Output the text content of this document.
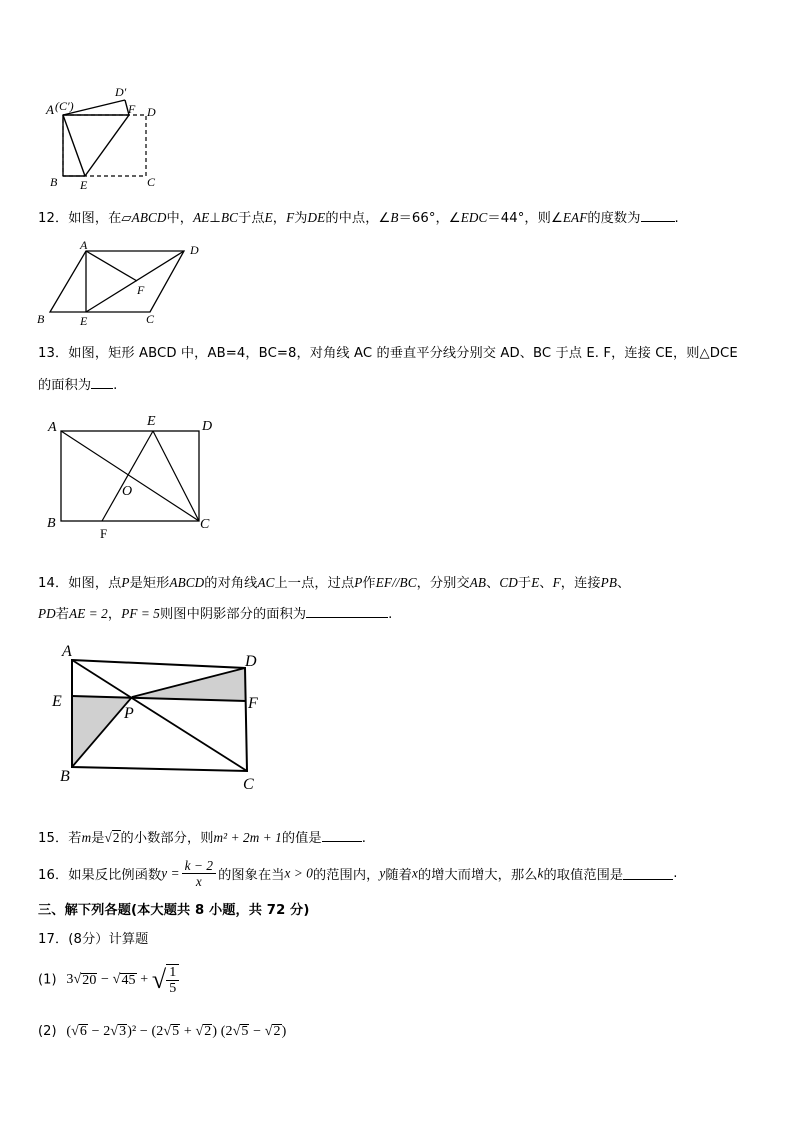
A (C′)
D′
F D
B E	C
12．如图，在▱ABCD中，AE⊥BC于点E，F为DE的中点，∠B＝66°，∠EDC＝44°，则∠EAF的度数为	.
A	D
F
B	E	C
13．如图，矩形 ABCD 中，AB=4，BC=8，对角线 AC 的垂直平分线分别交 AD、BC 于点 E. F，连接 CE，则△DCE
的面积为 .
A	E	D
O
B	C
F
14．如图，点P是矩形ABCD的对角线AC上一点，过点P作EF//BC，分别交AB、CD于E、F，连接PB、
PD若AE = 2，PF = 5则图中阴影部分的面积为	.
A
D
E
P
F
B	C
15．若m是√2的小数部分，则m² + 2m + 1的值是	.
16．如果反比例函数$y = \frac{k - 2}{x}$ 的图象在当x > 0的范围内，y随着x的增大而增大，那么k的取值范围是	.
三、解下列各题(本大题共 8 小题，共 72 分)
17．(8分）计算题
(1) 3√20 − √45 + √ $\frac{1}{5}$
(2) (√6 − 2√3)² − (2√5 + √2) (2√5 − √2)
